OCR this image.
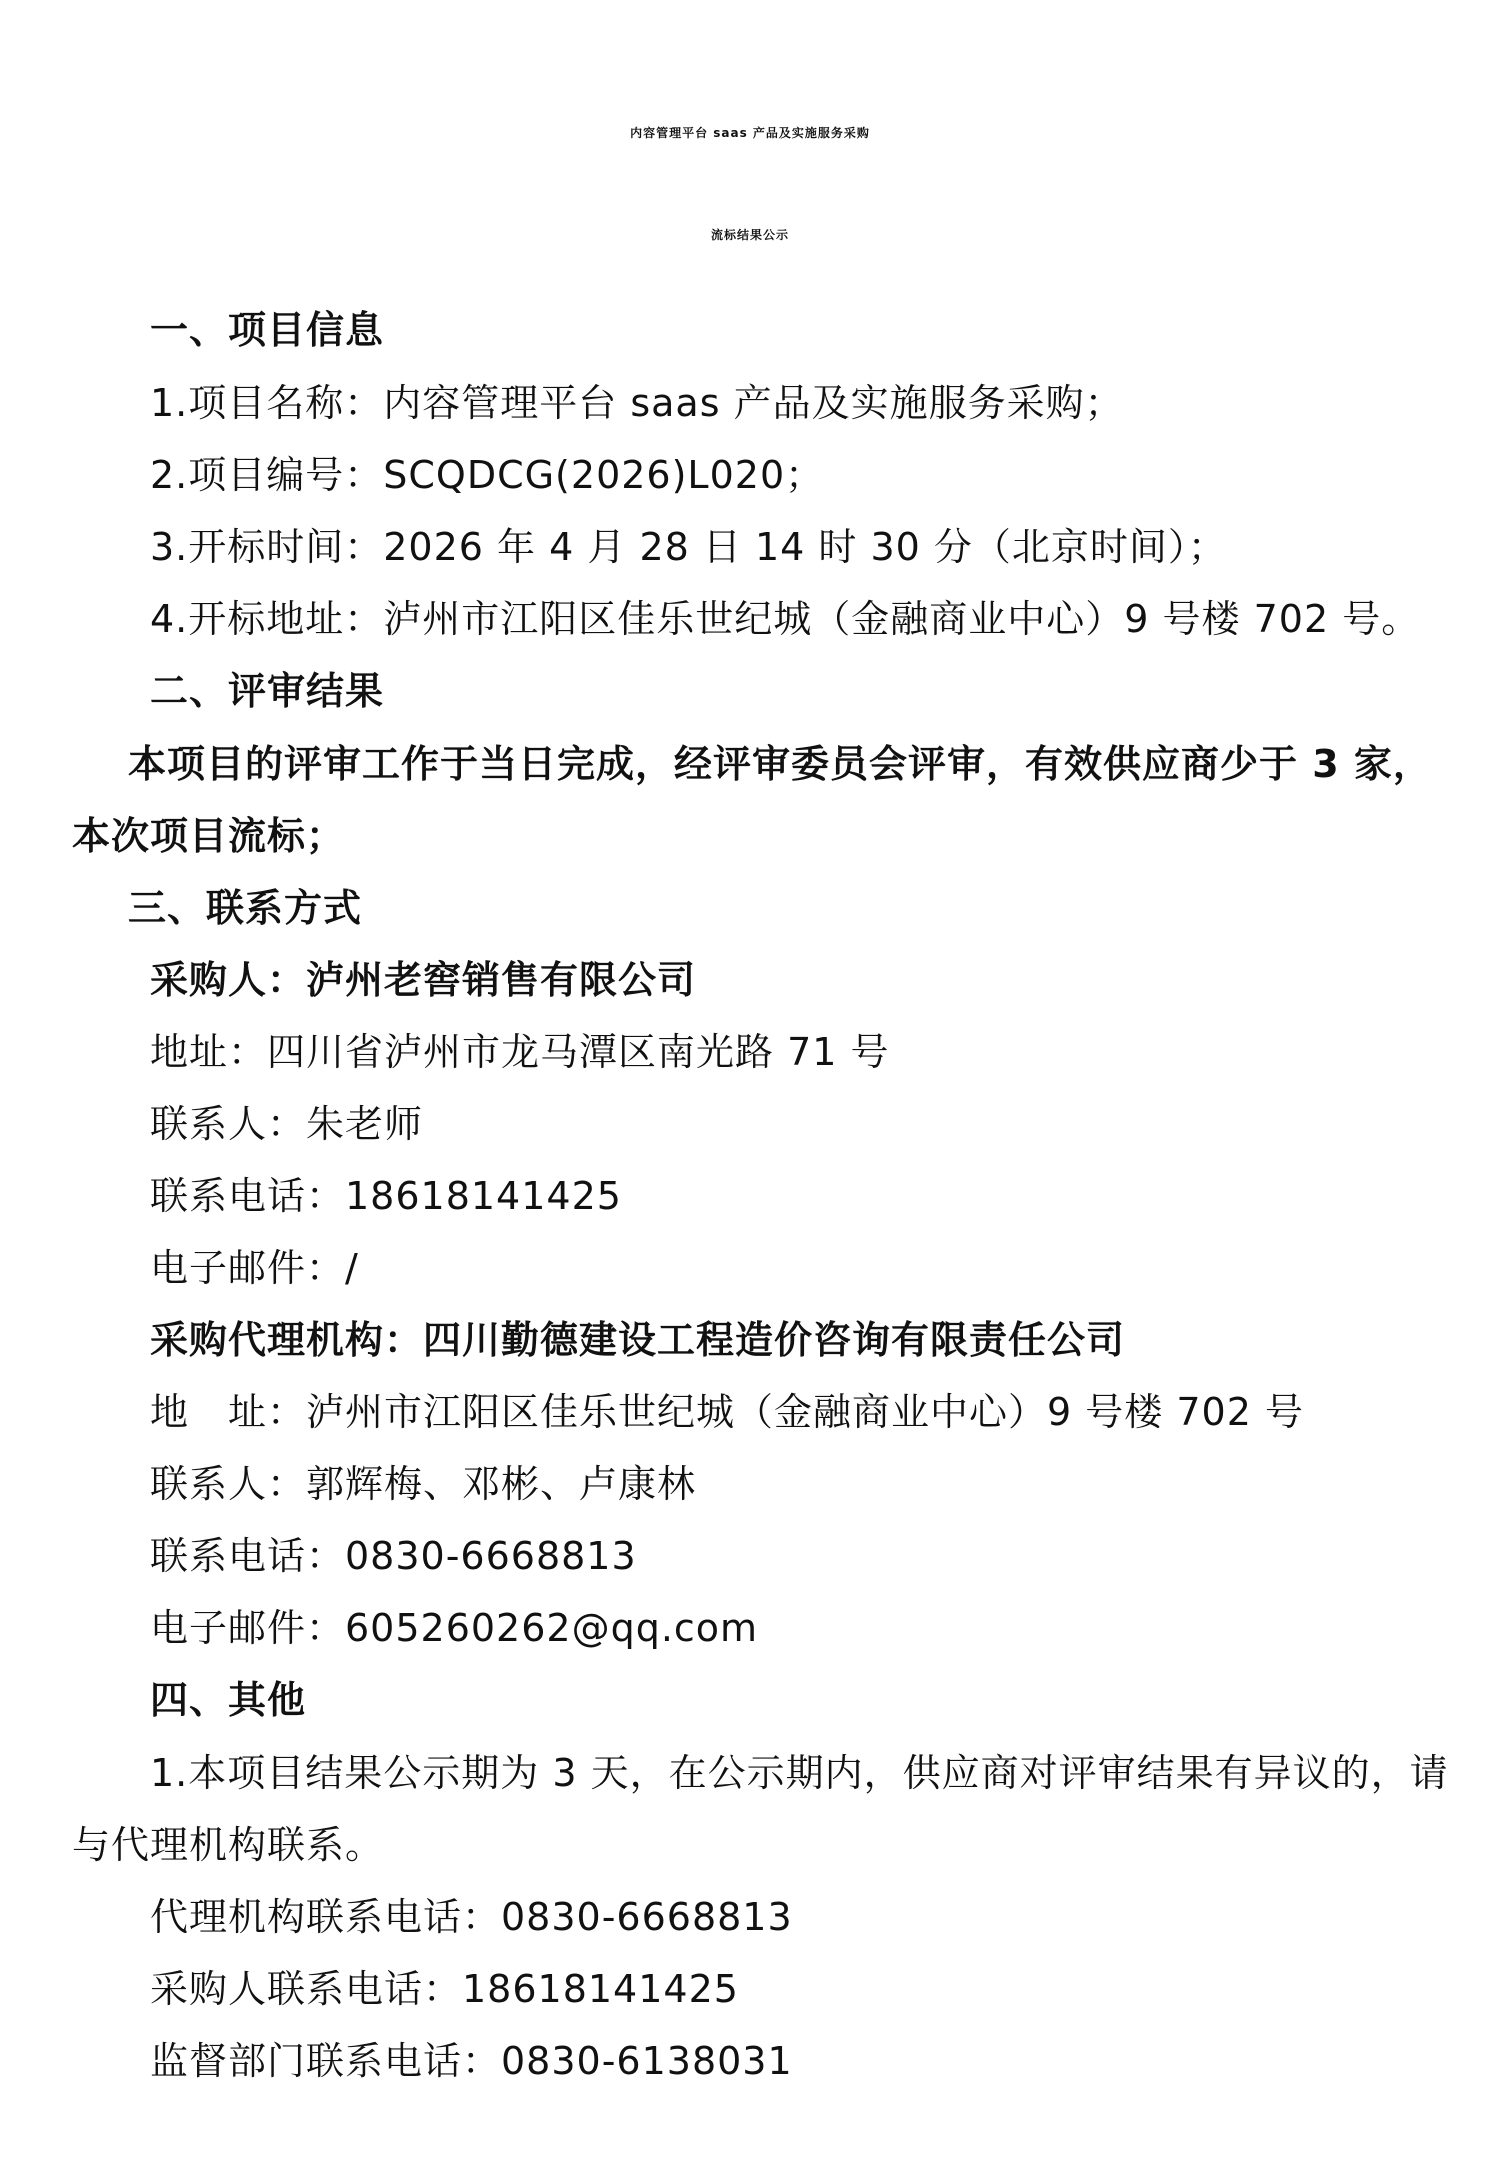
内容管理平台 saas 产品及实施服务采购
流标结果公示
一、项目信息
1.项目名称：内容管理平台 saas 产品及实施服务采购；
2.项目编号：SCQDCG(2026)L020；
3.开标时间：2026 年 4 月 28 日 14 时 30 分（北京时间）；
4.开标地址：泸州市江阳区佳乐世纪城（金融商业中心）9 号楼 702 号。
二、评审结果
本项目的评审工作于当日完成，经评审委员会评审，有效供应商少于 3 家，
本次项目流标；
三、联系方式
采购人：泸州老窖销售有限公司
地址：四川省泸州市龙马潭区南光路 71 号
联系人：朱老师
联系电话：18618141425
电子邮件：/
采购代理机构：四川勤德建设工程造价咨询有限责任公司
地　址：泸州市江阳区佳乐世纪城（金融商业中心）9 号楼 702 号
联系人：郭辉梅、邓彬、卢康林
联系电话：0830-6668813
电子邮件：605260262@qq.com
四、其他
1.本项目结果公示期为 3 天，在公示期内，供应商对评审结果有异议的，请
与代理机构联系。
代理机构联系电话：0830-6668813
采购人联系电话：18618141425
监督部门联系电话：0830-6138031
